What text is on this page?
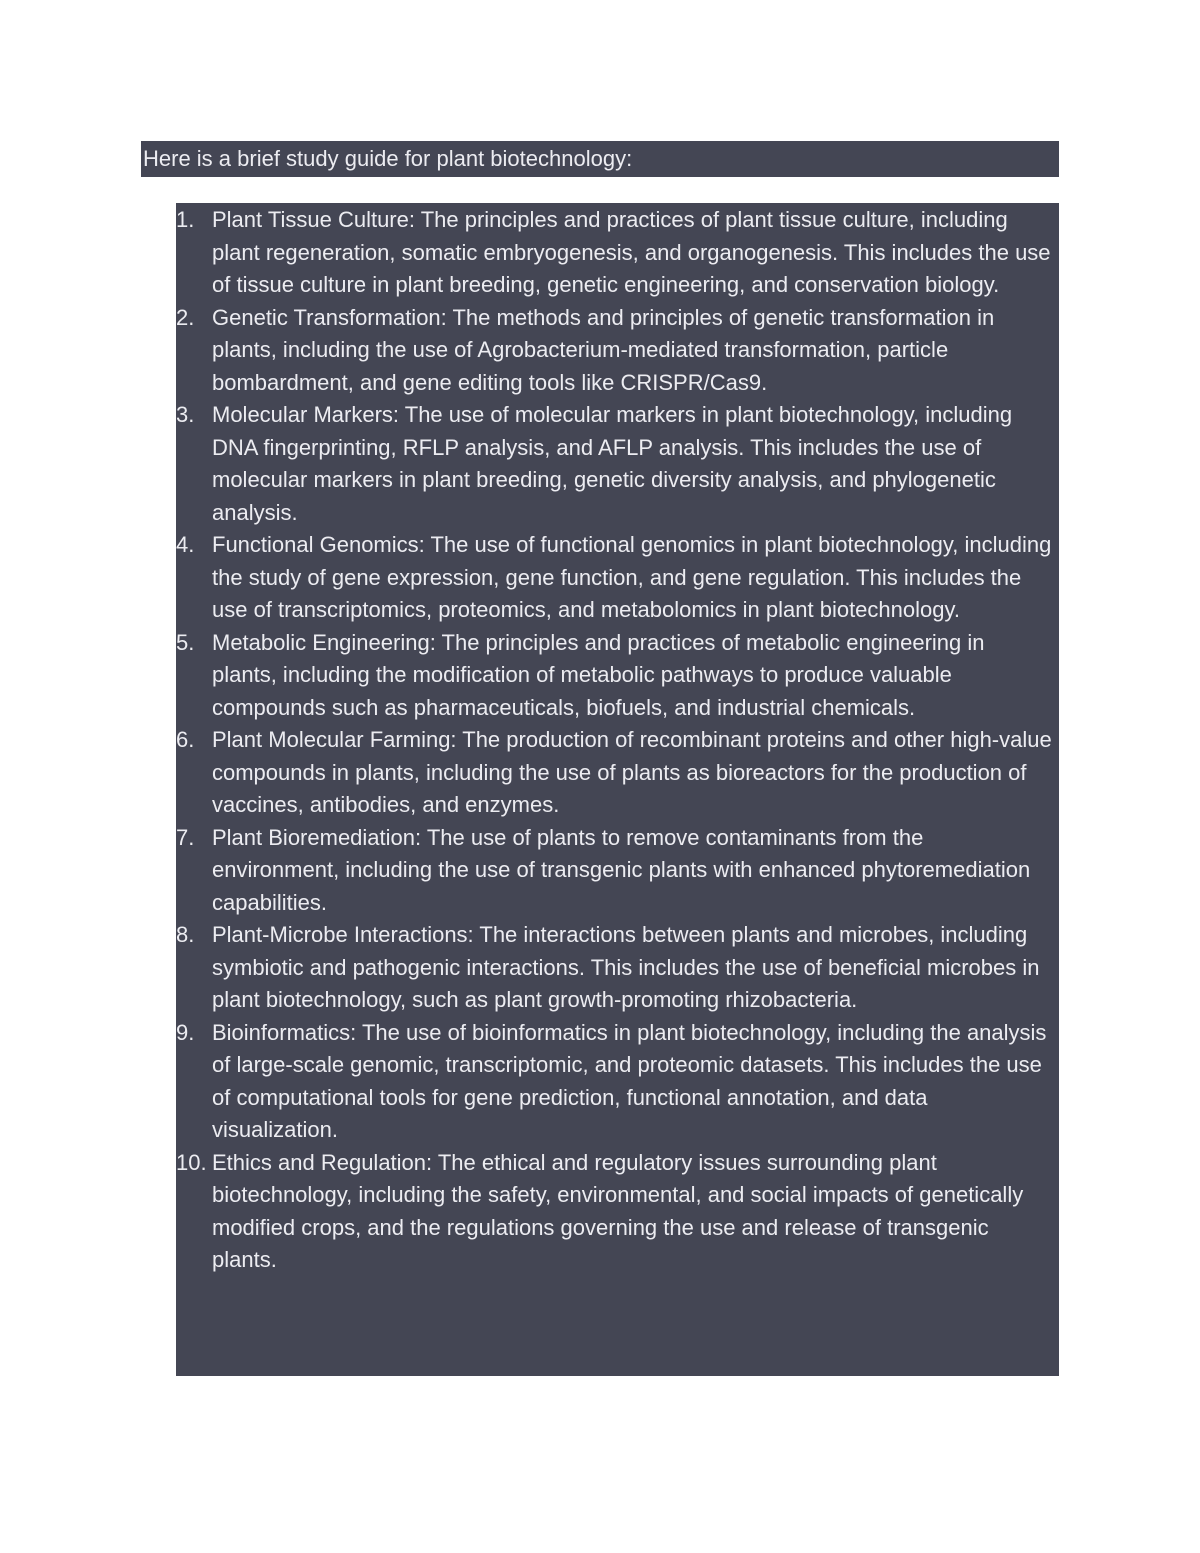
Here is a brief study guide for plant biotechnology:
1. Plant Tissue Culture: The principles and practices of plant tissue culture, including plant regeneration, somatic embryogenesis, and organogenesis. This includes the use of tissue culture in plant breeding, genetic engineering, and conservation biology.
2. Genetic Transformation: The methods and principles of genetic transformation in plants, including the use of Agrobacterium-mediated transformation, particle bombardment, and gene editing tools like CRISPR/Cas9.
3. Molecular Markers: The use of molecular markers in plant biotechnology, including DNA fingerprinting, RFLP analysis, and AFLP analysis. This includes the use of molecular markers in plant breeding, genetic diversity analysis, and phylogenetic analysis.
4. Functional Genomics: The use of functional genomics in plant biotechnology, including the study of gene expression, gene function, and gene regulation. This includes the use of transcriptomics, proteomics, and metabolomics in plant biotechnology.
5. Metabolic Engineering: The principles and practices of metabolic engineering in plants, including the modification of metabolic pathways to produce valuable compounds such as pharmaceuticals, biofuels, and industrial chemicals.
6. Plant Molecular Farming: The production of recombinant proteins and other high-value compounds in plants, including the use of plants as bioreactors for the production of vaccines, antibodies, and enzymes.
7. Plant Bioremediation: The use of plants to remove contaminants from the environment, including the use of transgenic plants with enhanced phytoremediation capabilities.
8. Plant-Microbe Interactions: The interactions between plants and microbes, including symbiotic and pathogenic interactions. This includes the use of beneficial microbes in plant biotechnology, such as plant growth-promoting rhizobacteria.
9. Bioinformatics: The use of bioinformatics in plant biotechnology, including the analysis of large-scale genomic, transcriptomic, and proteomic datasets. This includes the use of computational tools for gene prediction, functional annotation, and data visualization.
10. Ethics and Regulation: The ethical and regulatory issues surrounding plant biotechnology, including the safety, environmental, and social impacts of genetically modified crops, and the regulations governing the use and release of transgenic plants.
